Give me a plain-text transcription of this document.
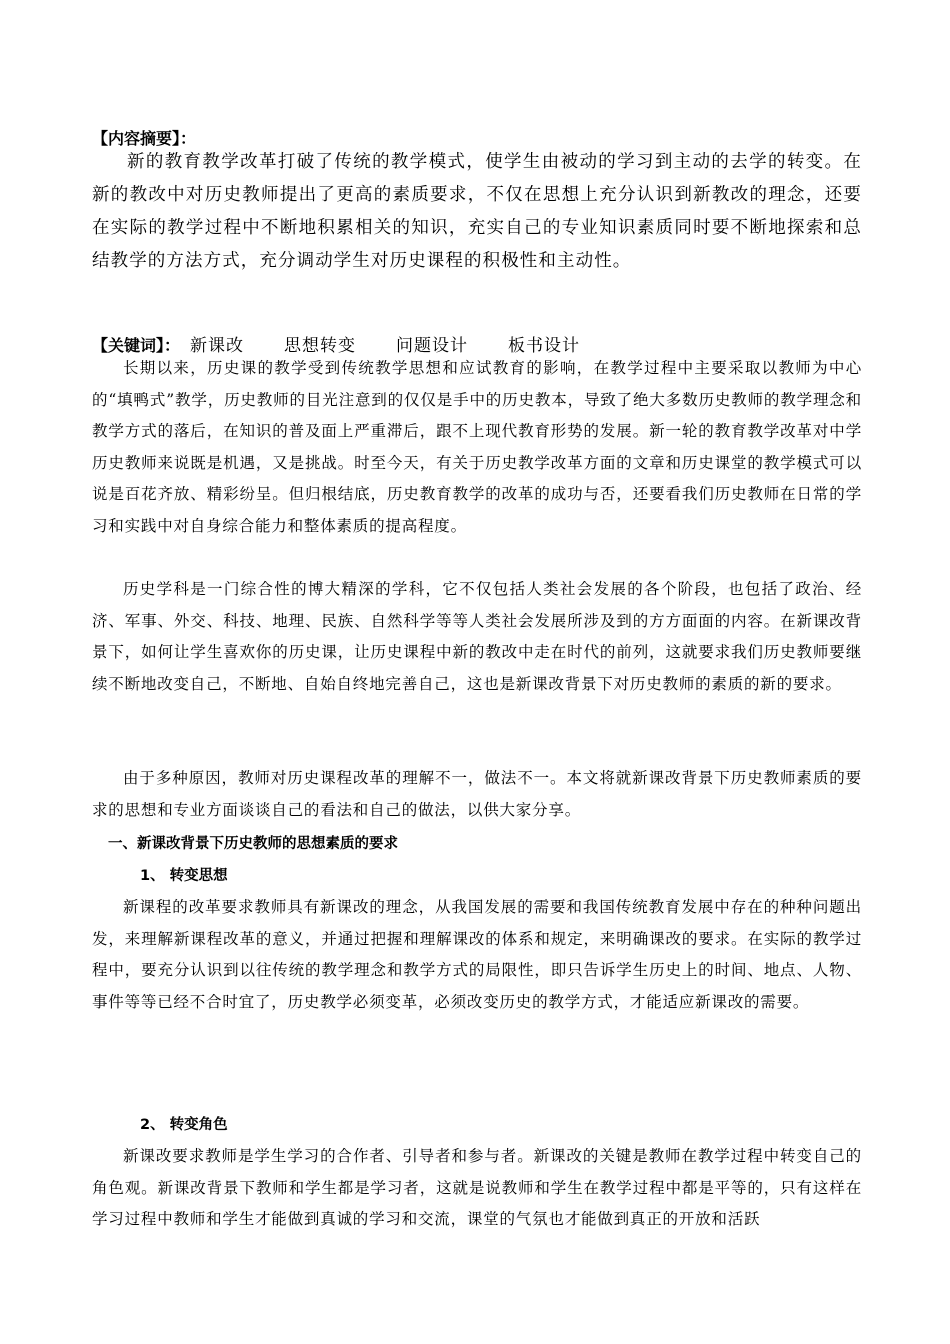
【内容摘要】：
新的教育教学改革打破了传统的教学模式，使学生由被动的学习到主动的去学的转变。在新的教改中对历史教师提出了更高的素质要求，不仅在思想上充分认识到新教改的理念，还要在实际的教学过程中不断地积累相关的知识，充实自己的专业知识素质同时要不断地探索和总结教学的方法方式，充分调动学生对历史课程的积极性和主动性。
【关键词】： 新课改 思想转变 问题设计 板书设计
长期以来，历史课的教学受到传统教学思想和应试教育的影响，在教学过程中主要采取以教师为中心的“填鸭式”教学，历史教师的目光注意到的仅仅是手中的历史教本，导致了绝大多数历史教师的教学理念和教学方式的落后，在知识的普及面上严重滞后，跟不上现代教育形势的发展。新一轮的教育教学改革对中学历史教师来说既是机遇，又是挑战。时至今天，有关于历史教学改革方面的文章和历史课堂的教学模式可以说是百花齐放、精彩纷呈。但归根结底，历史教育教学的改革的成功与否，还要看我们历史教师在日常的学习和实践中对自身综合能力和整体素质的提高程度。
历史学科是一门综合性的博大精深的学科，它不仅包括人类社会发展的各个阶段，也包括了政治、经济、军事、外交、科技、地理、民族、自然科学等等人类社会发展所涉及到的方方面面的内容。在新课改背景下，如何让学生喜欢你的历史课，让历史课程中新的教改中走在时代的前列，这就要求我们历史教师要继续不断地改变自己，不断地、自始自终地完善自己，这也是新课改背景下对历史教师的素质的新的要求。
由于多种原因，教师对历史课程改革的理解不一，做法不一。本文将就新课改背景下历史教师素质的要求的思想和专业方面谈谈自己的看法和自己的做法，以供大家分享。
一、新课改背景下历史教师的思想素质的要求
1、 转变思想
新课程的改革要求教师具有新课改的理念，从我国发展的需要和我国传统教育发展中存在的种种问题出发，来理解新课程改革的意义，并通过把握和理解课改的体系和规定，来明确课改的要求。在实际的教学过程中，要充分认识到以往传统的教学理念和教学方式的局限性，即只告诉学生历史上的时间、地点、人物、事件等等已经不合时宜了，历史教学必须变革，必须改变历史的教学方式，才能适应新课改的需要。
2、 转变角色
新课改要求教师是学生学习的合作者、引导者和参与者。新课改的关键是教师在教学过程中转变自己的角色观。新课改背景下教师和学生都是学习者，这就是说教师和学生在教学过程中都是平等的，只有这样在学习过程中教师和学生才能做到真诚的学习和交流，课堂的气氛也才能做到真正的开放和活跃
